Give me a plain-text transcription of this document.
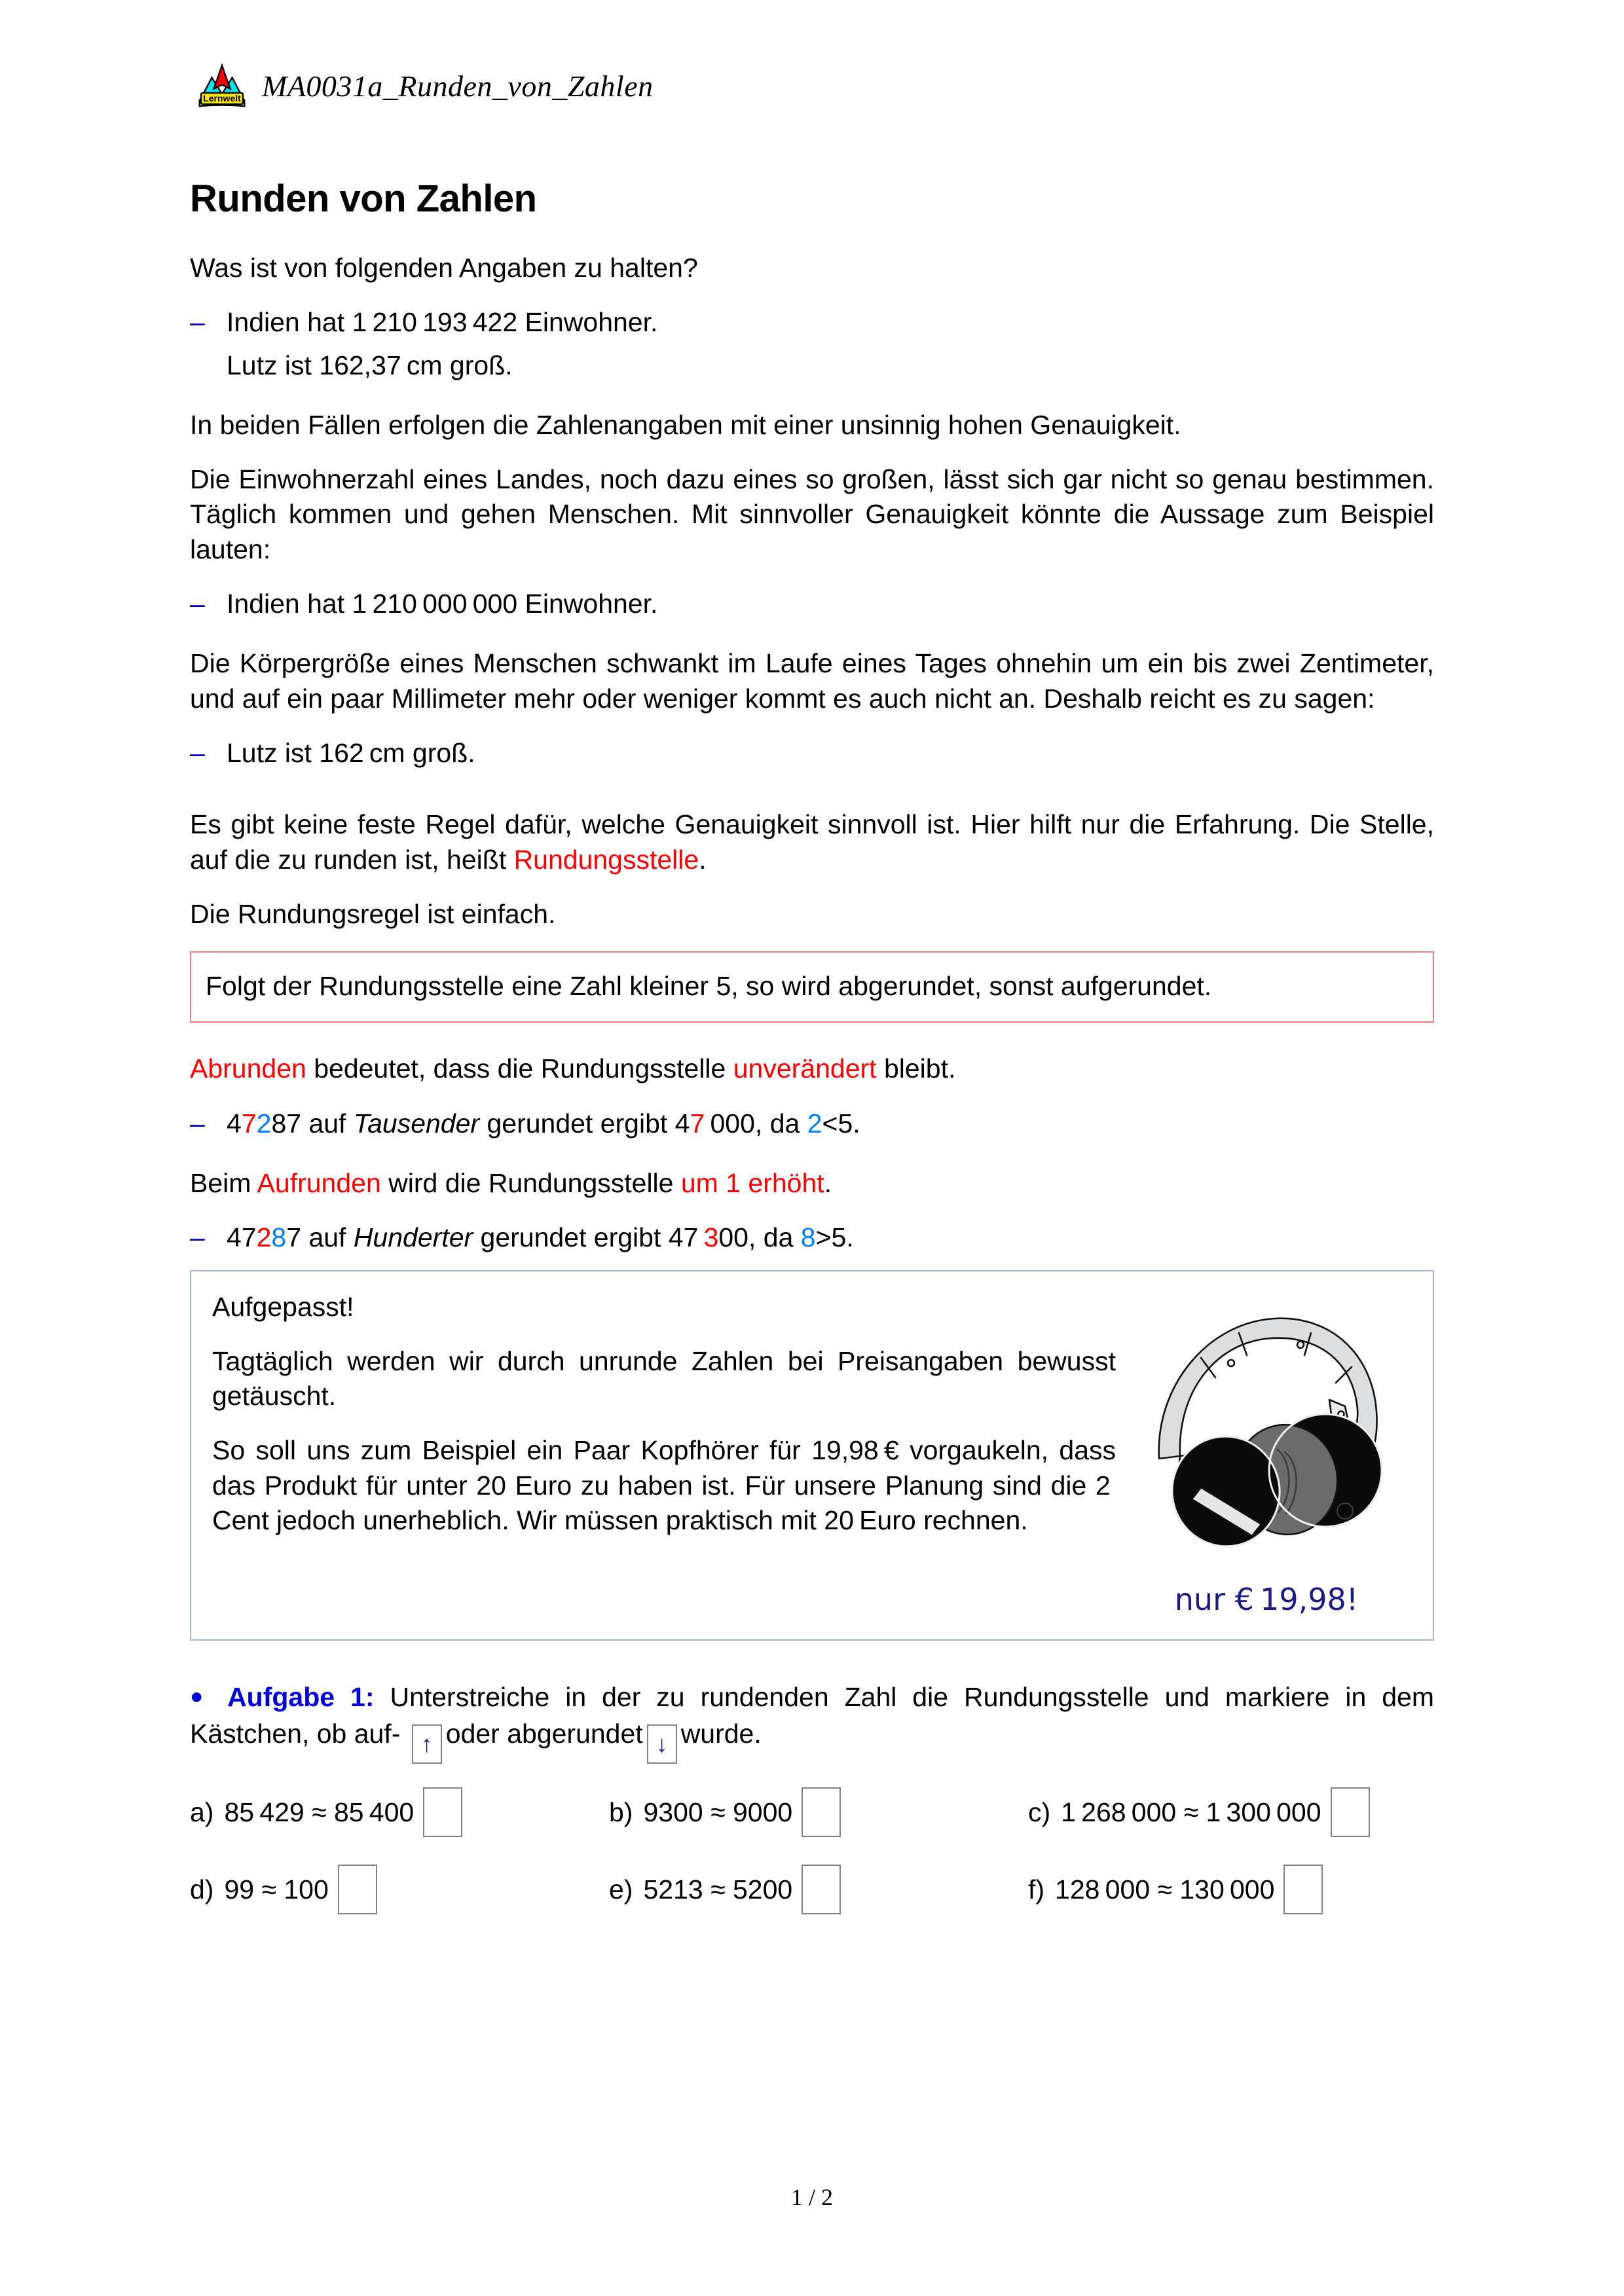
Lernwelt MA0031a_Runden_von_Zahlen
Runden von Zahlen

Was ist von folgenden Angaben zu halten?

– Indien hat 1 210 193 422 Einwohner.
Lutz ist 162,37 cm groß.

In beiden Fällen erfolgen die Zahlenangaben mit einer unsinnig hohen Genauigkeit.

Die Einwohnerzahl eines Landes, noch dazu eines so großen, lässt sich gar nicht so genau bestimmen. Täglich kommen und gehen Menschen. Mit sinnvoller Genauigkeit könnte die Aussage zum Beispiel lauten:

– Indien hat 1 210 000 000 Einwohner.

Die Körpergröße eines Menschen schwankt im Laufe eines Tages ohnehin um ein bis zwei Zentimeter, und auf ein paar Millimeter mehr oder weniger kommt es auch nicht an. Deshalb reicht es zu sagen:

– Lutz ist 162 cm groß.

Es gibt keine feste Regel dafür, welche Genauigkeit sinnvoll ist. Hier hilft nur die Erfahrung. Die Stelle, auf die zu runden ist, heißt Rundungsstelle.

Die Rundungsregel ist einfach.

Folgt der Rundungsstelle eine Zahl kleiner 5, so wird abgerundet, sonst aufgerundet.

Abrunden bedeutet, dass die Rundungsstelle unverändert bleibt.

– 47287 auf Tausender gerundet ergibt 47 000, da 2<5.

Beim Aufrunden wird die Rundungsstelle um 1 erhöht.

– 47287 auf Hunderter gerundet ergibt 47 300, da 8>5.

Aufgepasst!

Tagtäglich werden wir durch unrunde Zahlen bei Preisangaben bewusst getäuscht.

So soll uns zum Beispiel ein Paar Kopfhörer für 19,98 € vorgaukeln, dass das Produkt für unter 20 Euro zu haben ist. Für unsere Planung sind die 2 Cent jedoch unerheblich. Wir müssen praktisch mit 20 Euro rechnen.

nur € 19,98!

● Aufgabe 1: Unterstreiche in der zu rundenden Zahl die Rundungsstelle und markiere in dem Kästchen, ob auf- ↑ oder abgerundet ↓ wurde.

a) 85 429 ≈ 85 400	b) 9300 ≈ 9000	c) 1 268 000 ≈ 1 300 000
d) 99 ≈ 100	e) 5213 ≈ 5200	f) 128 000 ≈ 130 000
1 / 2
